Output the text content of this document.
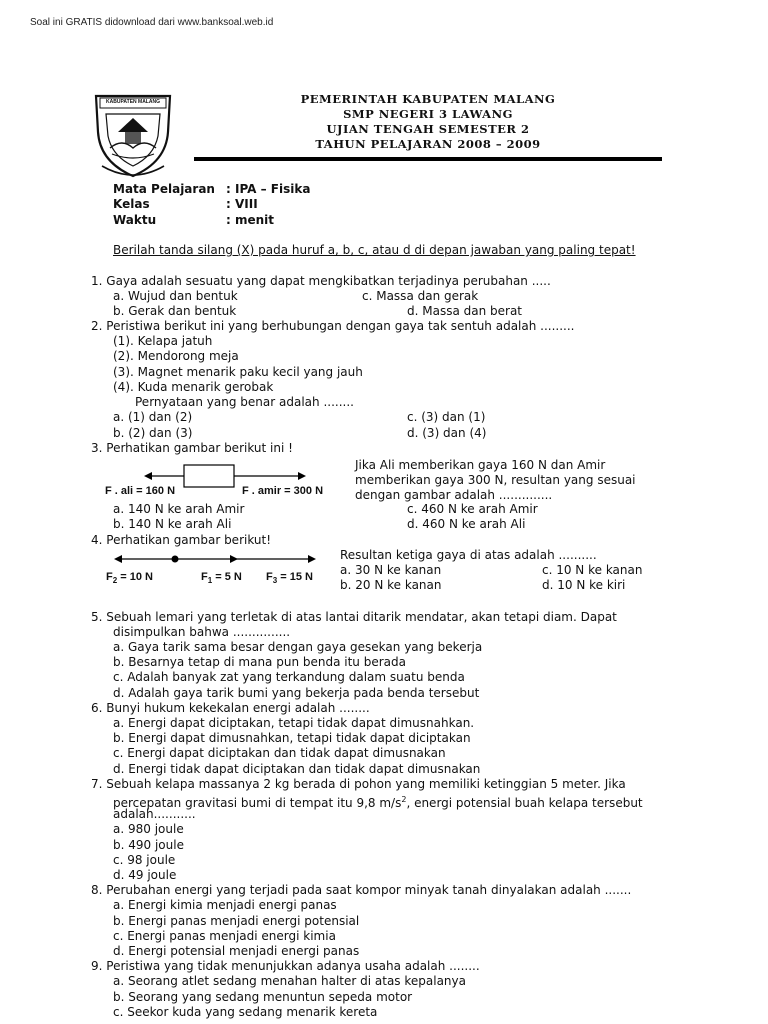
Soal ini GRATIS didownload dari www.banksoal.web.id
KABUPATEN MALANG	PEMERINTAH KABUPATEN MALANG
SMP NEGERI 3 LAWANG
UJIAN TENGAH SEMESTER 2
TAHUN PELAJARAN 2008 – 2009
Mata Pelajaran : IPA – Fisika
Kelas	: VIII
Waktu	: menit
Berilah tanda silang (X) pada huruf a, b, c, atau d di depan jawaban yang paling tepat!
1. Gaya adalah sesuatu yang dapat mengkibatkan terjadinya perubahan .....
a. Wujud dan bentuk	c. Massa dan gerak
b. Gerak dan bentuk	d. Massa dan berat
2. Peristiwa berikut ini yang berhubungan dengan gaya tak sentuh adalah .........
(1). Kelapa jatuh
(2). Mendorong meja
(3). Magnet menarik paku kecil yang jauh
(4). Kuda menarik gerobak
Pernyataan yang benar adalah ........
a. (1) dan (2)	c. (3) dan (1)
b. (2) dan (3)	d. (3) dan (4)
3. Perhatikan gambar berikut ini !
F . ali = 160 N	F . amir = 300 N
Jika Ali memberikan gaya 160 N dan Amir
memberikan gaya 300 N, resultan yang sesuai
dengan gambar adalah ..............
a. 140 N ke arah Amir	c. 460 N ke arah Amir
b. 140 N ke arah Ali	d. 460 N ke arah Ali
4. Perhatikan gambar berikut!
$F_2 = 10$ N	$F_1 = 5$ N $F_3 = 15$ N
Resultan ketiga gaya di atas adalah ..........
a. 30 N ke kanan	c. 10 N ke kanan
b. 20 N ke kanan	d. 10 N ke kiri
5. Sebuah lemari yang terletak di atas lantai ditarik mendatar, akan tetapi diam. Dapat
disimpulkan bahwa ...............
a. Gaya tarik sama besar dengan gaya gesekan yang bekerja
b. Besarnya tetap di mana pun benda itu berada
c. Adalah banyak zat yang terkandung dalam suatu benda
d. Adalah gaya tarik bumi yang bekerja pada benda tersebut
6. Bunyi hukum kekekalan energi adalah ........
a. Energi dapat diciptakan, tetapi tidak dapat dimusnahkan.
b. Energi dapat dimusnahkan, tetapi tidak dapat diciptakan
c. Energi dapat diciptakan dan tidak dapat dimusnakan
d. Energi tidak dapat diciptakan dan tidak dapat dimusnakan
7. Sebuah kelapa massanya 2 kg berada di pohon yang memiliki ketinggian 5 meter. Jika
percepatan gravitasi bumi di tempat itu 9,8 $m/s^2$, energi potensial buah kelapa tersebut
adalah...........
a. 980 joule
b. 490 joule
c. 98 joule
d. 49 joule
8. Perubahan energi yang terjadi pada saat kompor minyak tanah dinyalakan adalah .......
a. Energi kimia menjadi energi panas
b. Energi panas menjadi energi potensial
c. Energi panas menjadi energi kimia
d. Energi potensial menjadi energi panas
9. Peristiwa yang tidak menunjukkan adanya usaha adalah ........
a. Seorang atlet sedang menahan halter di atas kepalanya
b. Seorang yang sedang menuntun sepeda motor
c. Seekor kuda yang sedang menarik kereta
